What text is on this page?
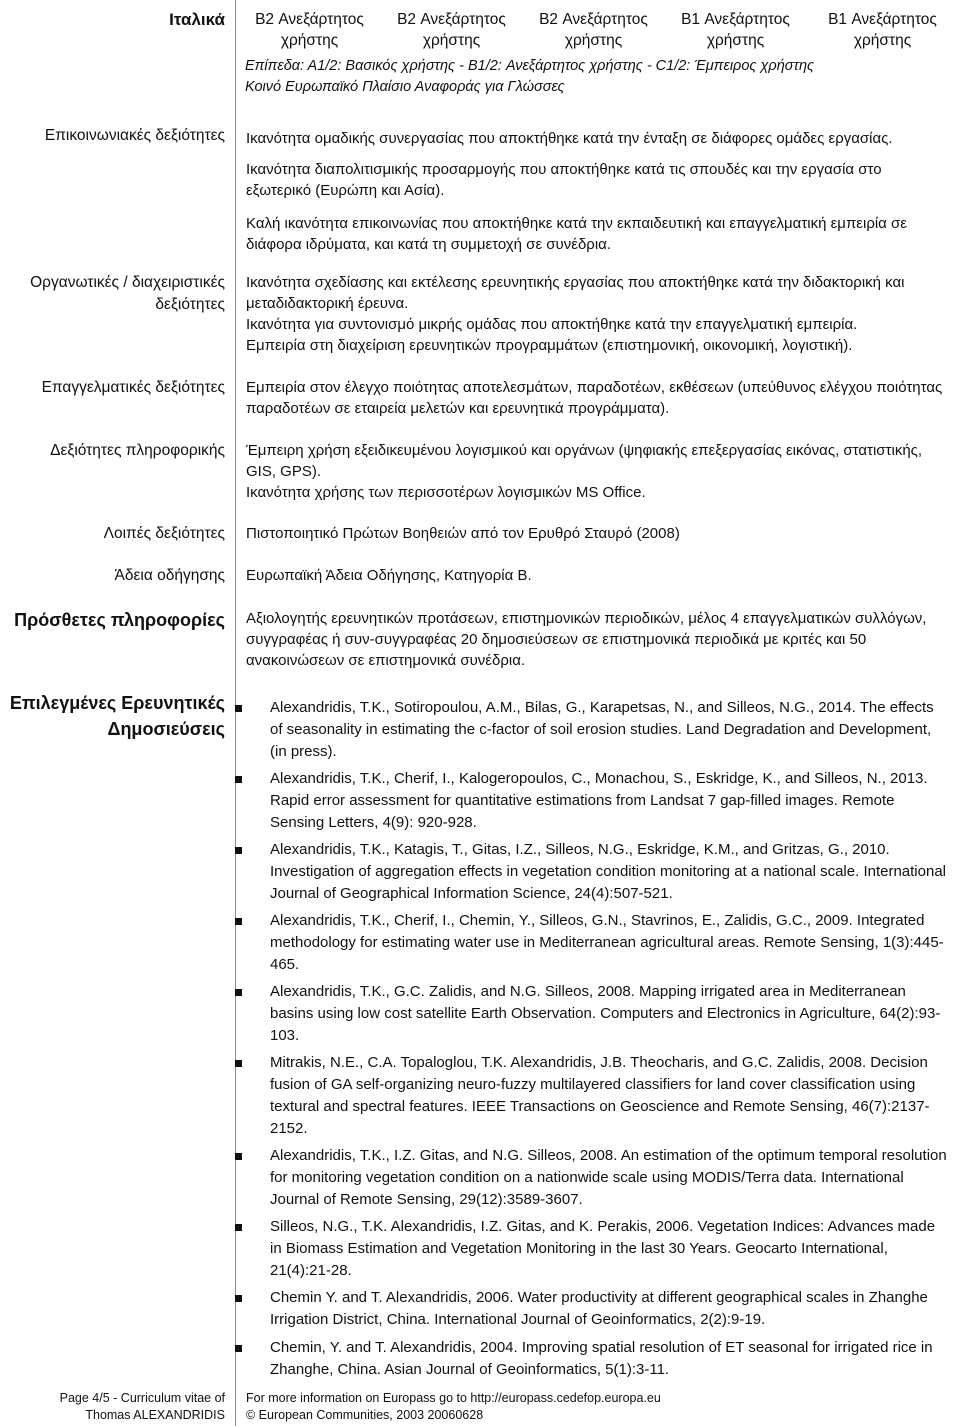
Ιταλικά	B2 Ανεξάρτητος
χρήστης
B2 Ανεξάρτητος
χρήστης
B2 Ανεξάρτητος
χρήστης
B1 Ανεξάρτητος
χρήστης
B1 Ανεξάρτητος
χρήστης
Επίπεδα: Α1/2: Βασικός χρήστης - B1/2: Ανεξάρτητος χρήστης - C1/2: Έμπειρος χρήστης
Κοινό Ευρωπαϊκό Πλαίσιο Αναφοράς για Γλώσσες
Επικοινωνιακές δεξιότητες Ικανότητα ομαδικής συνεργασίας που αποκτήθηκε κατά την ένταξη σε διάφορες ομάδες εργασίας.

Ικανότητα διαπολιτισμικής προσαρμογής που αποκτήθηκε κατά τις σπουδές και την εργασία στο εξωτερικό (Ευρώπη και Ασία).

Καλή ικανότητα επικοινωνίας που αποκτήθηκε κατά την εκπαιδευτική και επαγγελματική εμπειρία σε διάφορα ιδρύματα, και κατά τη συμμετοχή σε συνέδρια.

Οργανωτικές / διαχειριστικές
δεξιότητες
Ικανότητα σχεδίασης και εκτέλεσης ερευνητικής εργασίας που αποκτήθηκε κατά την διδακτορική και μεταδιδακτορική έρευνα.
Ικανότητα για συντονισμό μικρής ομάδας που αποκτήθηκε κατά την επαγγελματική εμπειρία.
Εμπειρία στη διαχείριση ερευνητικών προγραμμάτων (επιστημονική, οικονομική, λογιστική).
Επαγγελματικές δεξιότητες Εμπειρία στον έλεγχο ποιότητας αποτελεσμάτων, παραδοτέων, εκθέσεων (υπεύθυνος ελέγχου ποιότητας παραδοτέων σε εταιρεία μελετών και ερευνητικά προγράμματα).
Δεξιότητες πληροφορικής Έμπειρη χρήση εξειδικευμένου λογισμικού και οργάνων (ψηφιακής επεξεργασίας εικόνας, στατιστικής, GIS, GPS).
Ικανότητα χρήσης των περισσοτέρων λογισμικών MS Office.
Λοιπές δεξιότητες Πιστοποιητικό Πρώτων Βοηθειών από τον Ερυθρό Σταυρό (2008)
Άδεια οδήγησης Ευρωπαϊκή Άδεια Οδήγησης, Κατηγορία Β.
Πρόσθετες πληροφορίες Αξιολογητής ερευνητικών προτάσεων, επιστημονικών περιοδικών, μέλος 4 επαγγελματικών συλλόγων, συγγραφέας ή συν-συγγραφέας 20 δημοσιεύσεων σε επιστημονικά περιοδικά με κριτές και 50 ανακοινώσεων σε επιστημονικά συνέδρια.
Επιλεγμένες Ερευνητικές
Δημοσιεύσεις
Alexandridis, T.K., Sotiropoulou, A.M., Bilas, G., Karapetsas, N., and Silleos, N.G., 2014. The effects of seasonality in estimating the c-factor of soil erosion studies. Land Degradation and Development, (in press).
Alexandridis, T.K., Cherif, I., Kalogeropoulos, C., Monachou, S., Eskridge, K., and Silleos, N., 2013. Rapid error assessment for quantitative estimations from Landsat 7 gap-filled images. Remote Sensing Letters, 4(9): 920-928.
Alexandridis, T.K., Katagis, T., Gitas, I.Z., Silleos, N.G., Eskridge, K.M., and Gritzas, G., 2010. Investigation of aggregation effects in vegetation condition monitoring at a national scale. International Journal of Geographical Information Science, 24(4):507-521.
Alexandridis, T.K., Cherif, I., Chemin, Y., Silleos, G.N., Stavrinos, E., Zalidis, G.C., 2009. Integrated methodology for estimating water use in Mediterranean agricultural areas. Remote Sensing, 1(3):445-465.
Alexandridis, T.K., G.C. Zalidis, and N.G. Silleos, 2008. Mapping irrigated area in Mediterranean basins using low cost satellite Earth Observation. Computers and Electronics in Agriculture, 64(2):93-103.
Mitrakis, N.E., C.A. Topaloglou, T.K. Alexandridis, J.B. Theocharis, and G.C. Zalidis, 2008. Decision fusion of GA self-organizing neuro-fuzzy multilayered classifiers for land cover classification using textural and spectral features. IEEE Transactions on Geoscience and Remote Sensing, 46(7):2137-2152.
Alexandridis, T.K., I.Z. Gitas, and N.G. Silleos, 2008. An estimation of the optimum temporal resolution for monitoring vegetation condition on a nationwide scale using MODIS/Terra data. International Journal of Remote Sensing, 29(12):3589-3607.
Silleos, N.G., T.K. Alexandridis, I.Z. Gitas, and K. Perakis, 2006. Vegetation Indices: Advances made in Biomass Estimation and Vegetation Monitoring in the last 30 Years. Geocarto International, 21(4):21-28.
Chemin Y. and T. Alexandridis, 2006. Water productivity at different geographical scales in Zhanghe Irrigation District, China. International Journal of Geoinformatics, 2(2):9-19.
Chemin, Y. and T. Alexandridis, 2004. Improving spatial resolution of ET seasonal for irrigated rice in Zhanghe, China. Asian Journal of Geoinformatics, 5(1):3-11.
Page 4/5 - Curriculum vitae of
Thomas ALEXANDRIDIS
For more information on Europass go to http://europass.cedefop.europa.eu
© European Communities, 2003 20060628
